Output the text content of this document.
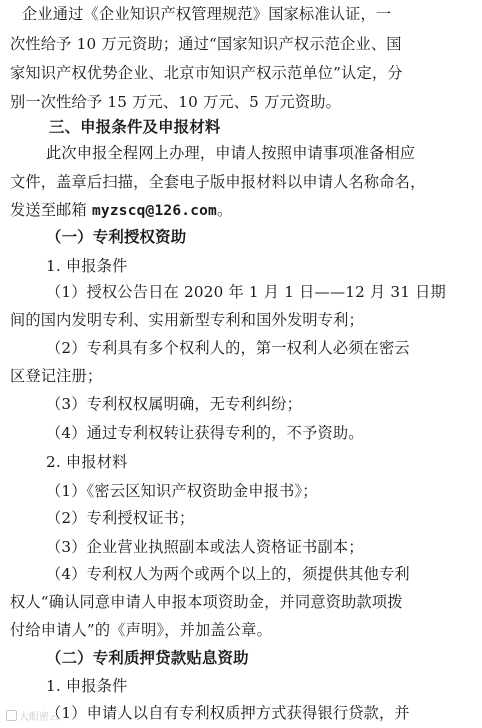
企业通过《企业知识产权管理规范》国家标准认证，一
次性给予 10 万元资助；通过“国家知识产权示范企业、国
家知识产权优势企业、北京市知识产权示范单位”认定，分
别一次性给予 15 万元、10 万元、5 万元资助。
三、申报条件及申报材料
此次申报全程网上办理，申请人按照申请事项准备相应
文件，盖章后扫描，全套电子版申报材料以申请人名称命名，
发送至邮箱 myzscq@126.com。
（一）专利授权资助
1. 申报条件
（1）授权公告日在 2020 年 1 月 1 日——12 月 31 日期
间的国内发明专利、实用新型专利和国外发明专利；
（2）专利具有多个权利人的，第一权利人必须在密云
区登记注册；
（3）专利权权属明确，无专利纠纷；
（4）通过专利权转让获得专利的，不予资助。
2. 申报材料
（1）《密云区知识产权资助金申报书》；
（2）专利授权证书；
（3）企业营业执照副本或法人资格证书副本；
（4）专利权人为两个或两个以上的，须提供其他专利
权人“确认同意申请人申报本项资助金，并同意资助款项拨
付给申请人”的《声明》，并加盖公章。
（二）专利质押贷款贴息资助
1. 申报条件
（1）申请人以自有专利权质押方式获得银行贷款，并
大眼密云
